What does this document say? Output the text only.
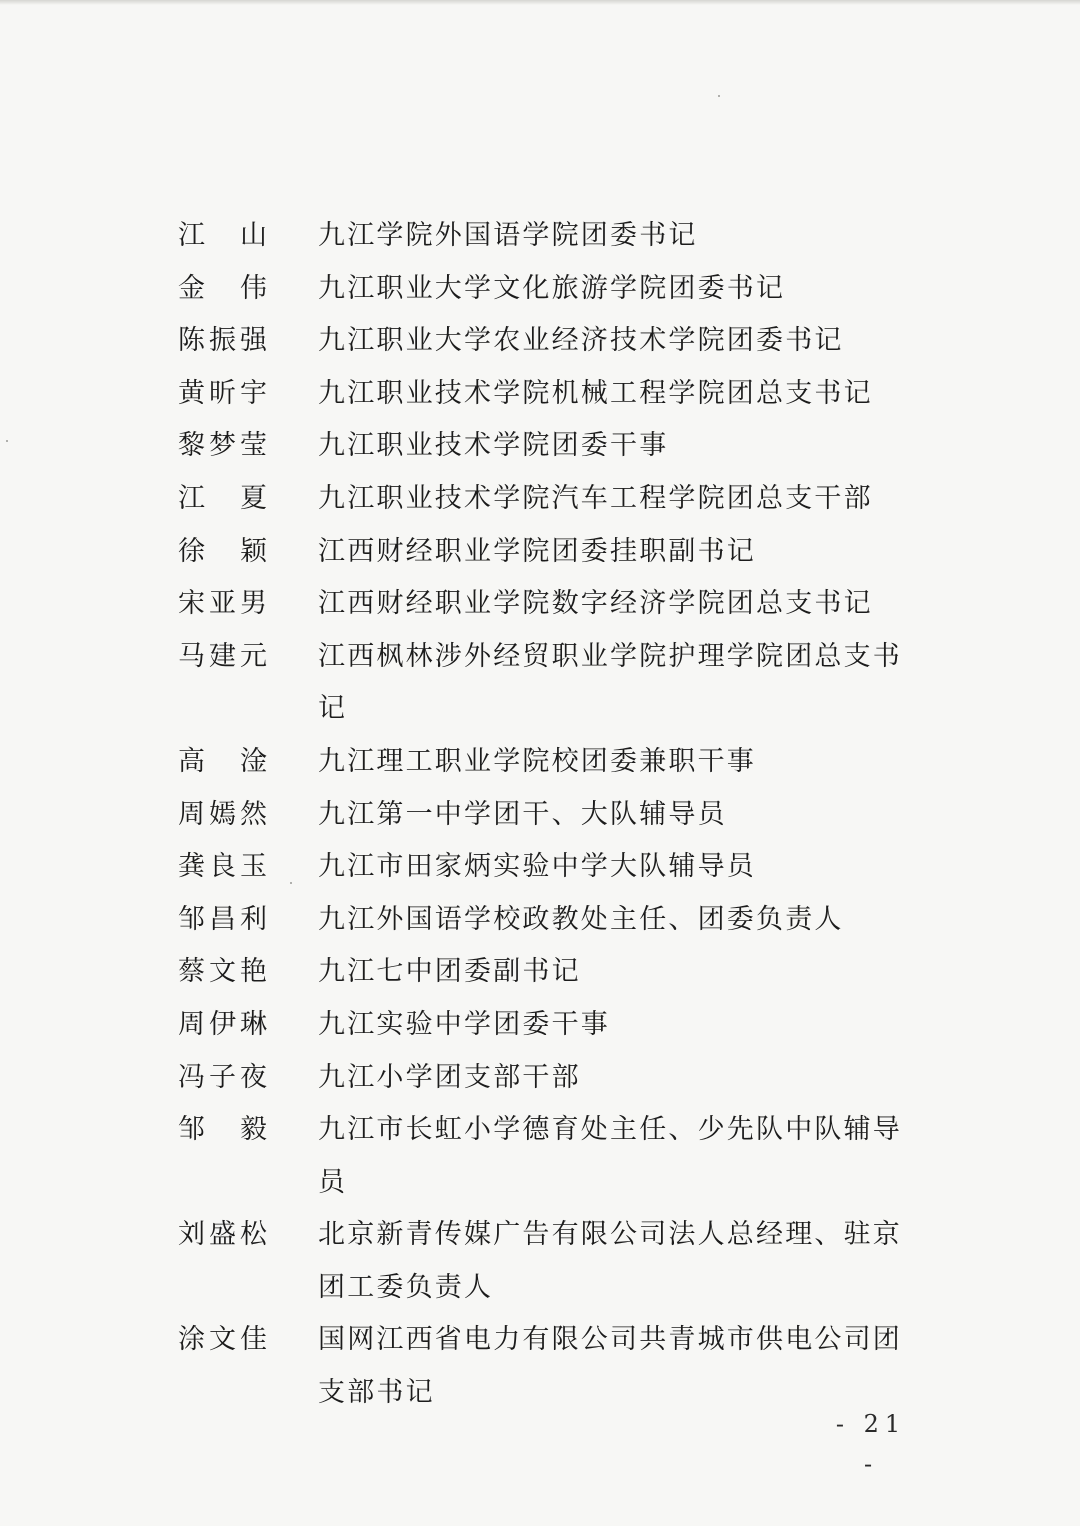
江山 九江学院外国语学院团委书记
金伟 九江职业大学文化旅游学院团委书记
陈振强 九江职业大学农业经济技术学院团委书记
黄昕宇 九江职业技术学院机械工程学院团总支书记
黎梦莹 九江职业技术学院团委干事
江夏 九江职业技术学院汽车工程学院团总支干部
徐颖 江西财经职业学院团委挂职副书记
宋亚男 江西财经职业学院数字经济学院团总支书记
马建元 江西枫林涉外经贸职业学院护理学院团总支书记
高淦 九江理工职业学院校团委兼职干事
周嫣然 九江第一中学团干、大队辅导员
龚良玉 九江市田家炳实验中学大队辅导员
邹昌利 九江外国语学校政教处主任、团委负责人
蔡文艳 九江七中团委副书记
周伊琳 九江实验中学团委干事
冯子夜 九江小学团支部干部
邹毅 九江市长虹小学德育处主任、少先队中队辅导员
刘盛松 北京新青传媒广告有限公司法人总经理、驻京
团工委负责人
涂文佳 国网江西省电力有限公司共青城市供电公司团
支部书记
- 21 -
